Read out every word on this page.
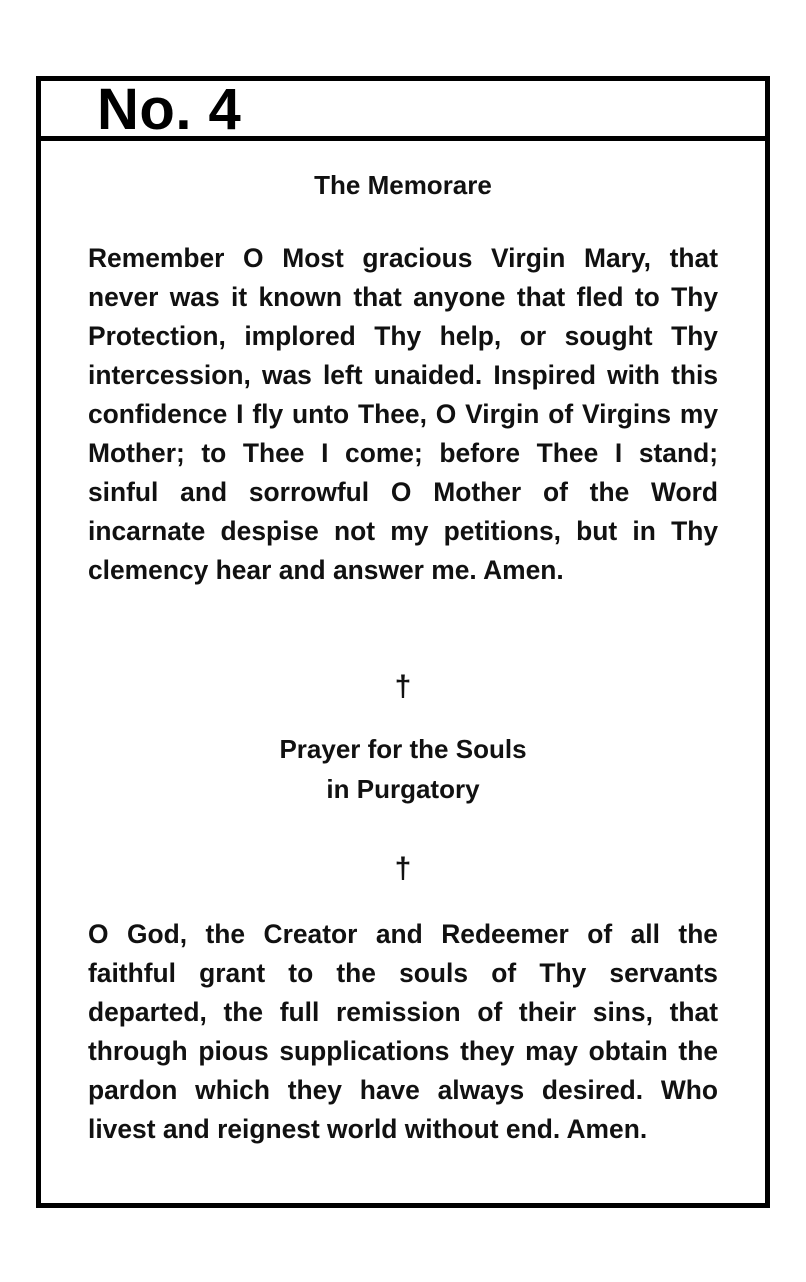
No. 4
The Memorare

Remember O Most gracious Virgin Mary, that never was it known that anyone that fled to Thy Protection, implored Thy help, or sought Thy intercession, was left unaided. Inspired with this confidence I fly unto Thee, O Virgin of Virgins my Mother; to Thee I come; before Thee I stand; sinful and sorrowful O Mother of the Word incarnate despise not my petitions, but in Thy clemency hear and answer me. Amen.

†
Prayer for the Souls
in Purgatory
†

O God, the Creator and Redeemer of all the faithful grant to the souls of Thy servants departed, the full remission of their sins, that through pious supplications they may obtain the pardon which they have always desired. Who livest and reignest world without end. Amen.
